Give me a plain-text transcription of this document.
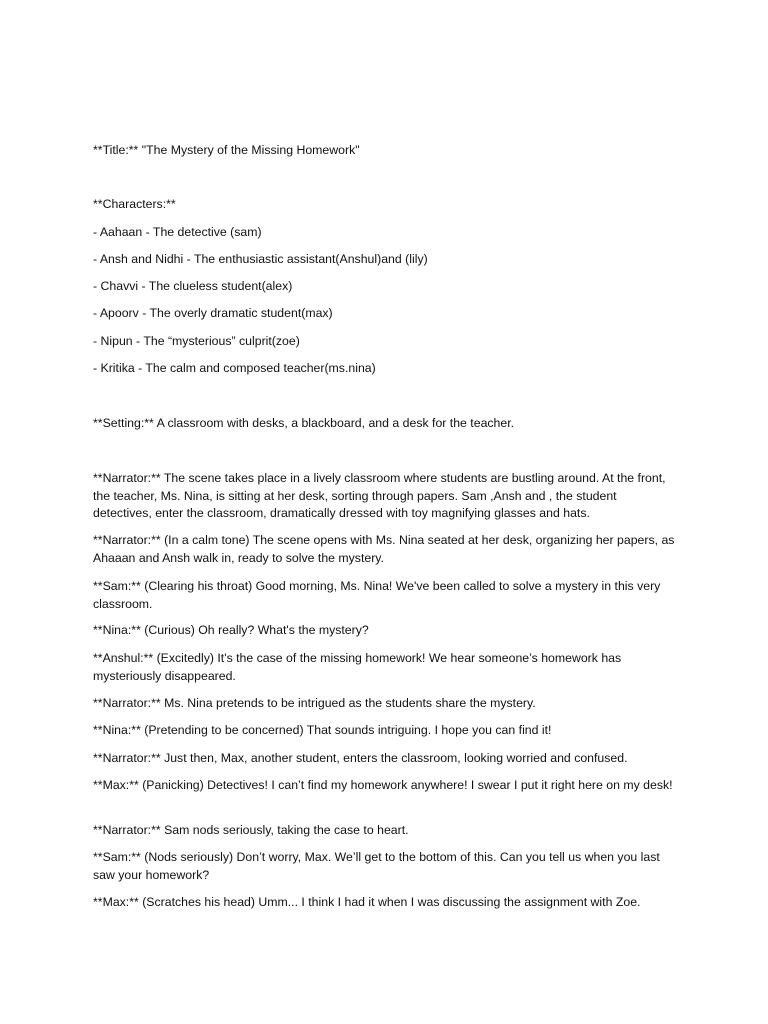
**Title:** "The Mystery of the Missing Homework"

**Characters:**

- Aahaan - The detective (sam)

- Ansh and Nidhi - The enthusiastic assistant(Anshul)and (lily)

- Chavvi - The clueless student(alex)

- Apoorv - The overly dramatic student(max)

- Nipun - The “mysterious” culprit(zoe)

- Kritika - The calm and composed teacher(ms.nina)

**Setting:** A classroom with desks, a blackboard, and a desk for the teacher.

**Narrator:** The scene takes place in a lively classroom where students are bustling around. At the front, the teacher, Ms. Nina, is sitting at her desk, sorting through papers. Sam ,Ansh and , the student detectives, enter the classroom, dramatically dressed with toy magnifying glasses and hats.

**Narrator:** (In a calm tone) The scene opens with Ms. Nina seated at her desk, organizing her papers, as Ahaaan and Ansh walk in, ready to solve the mystery.

**Sam:** (Clearing his throat) Good morning, Ms. Nina! We've been called to solve a mystery in this very classroom.

**Nina:** (Curious) Oh really? What's the mystery?

**Anshul:** (Excitedly) It's the case of the missing homework! We hear someone’s homework has mysteriously disappeared.

**Narrator:** Ms. Nina pretends to be intrigued as the students share the mystery.

**Nina:** (Pretending to be concerned) That sounds intriguing. I hope you can find it!

**Narrator:** Just then, Max, another student, enters the classroom, looking worried and confused.

**Max:** (Panicking) Detectives! I can’t find my homework anywhere! I swear I put it right here on my desk!

**Narrator:** Sam nods seriously, taking the case to heart.

**Sam:** (Nods seriously) Don’t worry, Max. We’ll get to the bottom of this. Can you tell us when you last saw your homework?

**Max:** (Scratches his head) Umm... I think I had it when I was discussing the assignment with Zoe.
